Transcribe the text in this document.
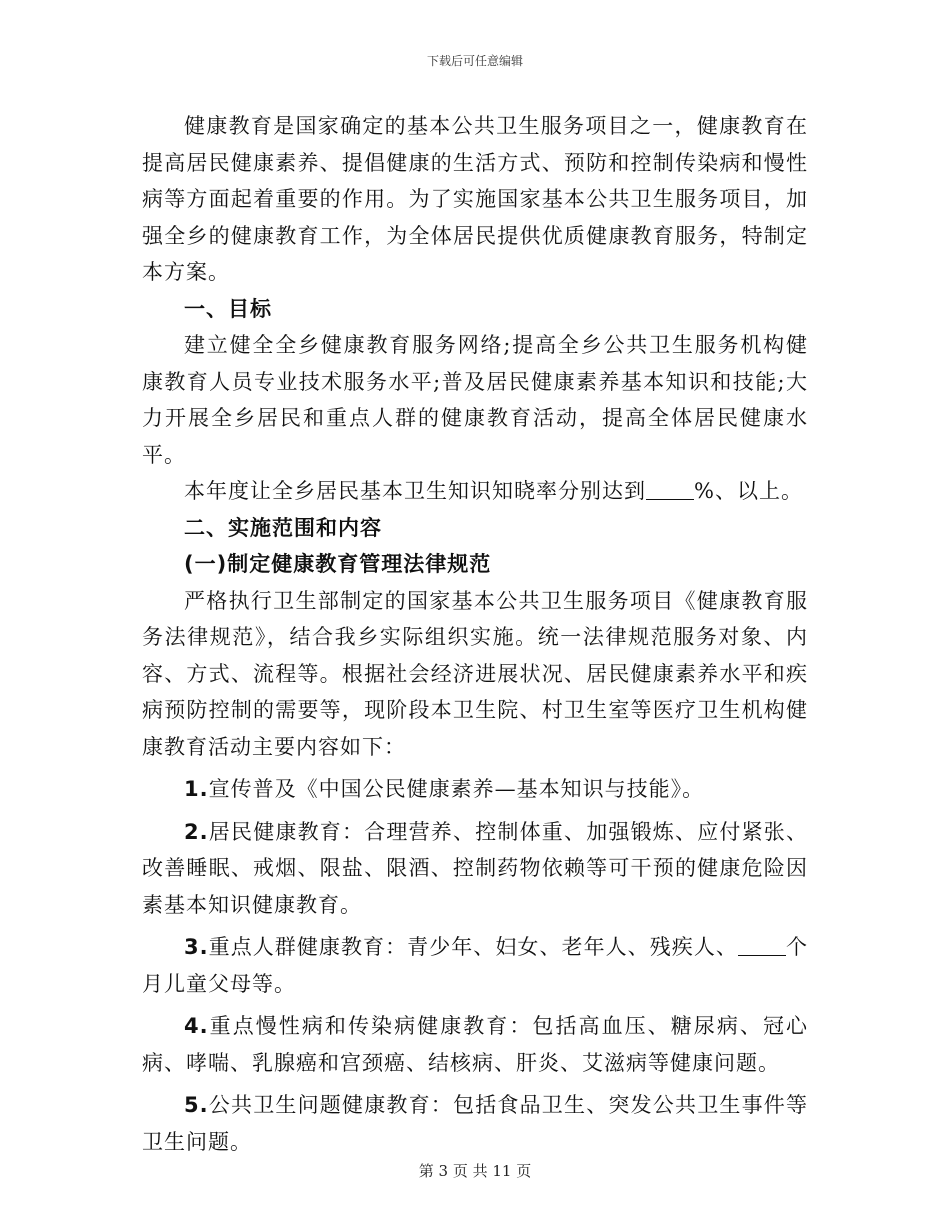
下载后可任意编辑

健康教育是国家确定的基本公共卫生服务项目之一，健康教育在提高居民健康素养、提倡健康的生活方式、预防和控制传染病和慢性病等方面起着重要的作用。为了实施国家基本公共卫生服务项目，加强全乡的健康教育工作，为全体居民提供优质健康教育服务，特制定本方案。

一、目标

建立健全全乡健康教育服务网络;提高全乡公共卫生服务机构健康教育人员专业技术服务水平;普及居民健康素养基本知识和技能;大力开展全乡居民和重点人群的健康教育活动，提高全体居民健康水平。

本年度让全乡居民基本卫生知识知晓率分别达到 %、以上。

二、实施范围和内容

(一)制定健康教育管理法律规范

严格执行卫生部制定的国家基本公共卫生服务项目《健康教育服务法律规范》，结合我乡实际组织实施。统一法律规范服务对象、内容、方式、流程等。根据社会经济进展状况、居民健康素养水平和疾病预防控制的需要等，现阶段本卫生院、村卫生室等医疗卫生机构健康教育活动主要内容如下：

1.宣传普及《中国公民健康素养—基本知识与技能》。

2.居民健康教育：合理营养、控制体重、加强锻炼、应付紧张、改善睡眠、戒烟、限盐、限酒、控制药物依赖等可干预的健康危险因素基本知识健康教育。

3.重点人群健康教育：青少年、妇女、老年人、残疾人、 个月儿童父母等。

4.重点慢性病和传染病健康教育：包括高血压、糖尿病、冠心病、哮喘、乳腺癌和宫颈癌、结核病、肝炎、艾滋病等健康问题。

5.公共卫生问题健康教育：包括食品卫生、突发公共卫生事件等卫生问题。

第 3 页 共 11 页
